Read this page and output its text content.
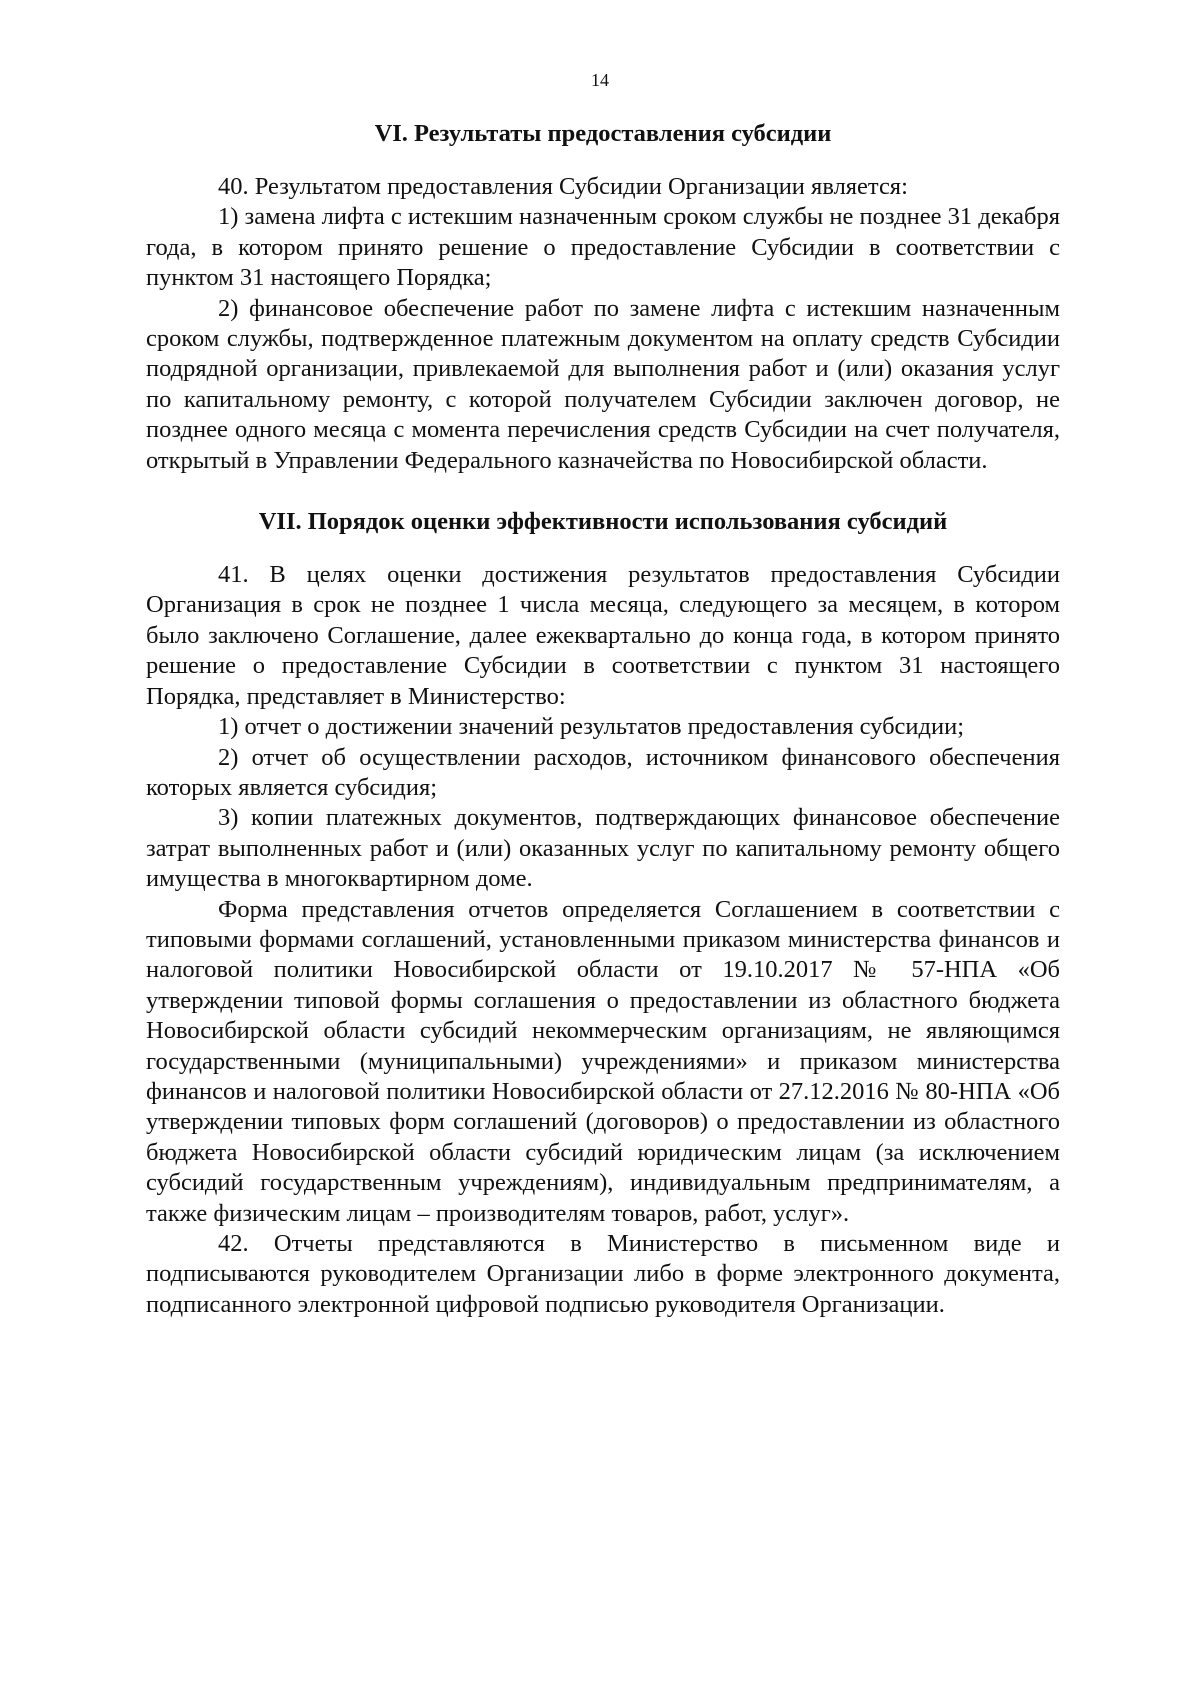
14
VI. Результаты предоставления субсидии

40. Результатом предоставления Субсидии Организации является:

1) замена лифта с истекшим назначенным сроком службы не позднее 31 декабря года, в котором принято решение о предоставление Субсидии в соответствии с пунктом 31 настоящего Порядка;

2) финансовое обеспечение работ по замене лифта с истекшим назначенным сроком службы, подтвержденное платежным документом на оплату средств Субсидии подрядной организации, привлекаемой для выполнения работ и (или) оказания услуг по капитальному ремонту, с которой получателем Субсидии заключен договор, не позднее одного месяца с момента перечисления средств Субсидии на счет получателя, открытый в Управлении Федерального казначейства по Новосибирской области.

VII. Порядок оценки эффективности использования субсидий

41. В целях оценки достижения результатов предоставления Субсидии Организация в срок не позднее 1 числа месяца, следующего за месяцем, в котором было заключено Соглашение, далее ежеквартально до конца года, в котором принято решение о предоставление Субсидии в соответствии с пунктом 31 настоящего Порядка, представляет в Министерство:

1) отчет о достижении значений результатов предоставления субсидии;

2) отчет об осуществлении расходов, источником финансового обеспечения которых является субсидия;

3) копии платежных документов, подтверждающих финансовое обеспечение затрат выполненных работ и (или) оказанных услуг по капитальному ремонту общего имущества в многоквартирном доме.

Форма представления отчетов определяется Соглашением в соответствии с типовыми формами соглашений, установленными приказом министерства финансов и налоговой политики Новосибирской области от 19.10.2017 № 57-НПА «Об утверждении типовой формы соглашения о предоставлении из областного бюджета Новосибирской области субсидий некоммерческим организациям, не являющимся государственными (муниципальными) учреждениями» и приказом министерства финансов и налоговой политики Новосибирской области от 27.12.2016 № 80-НПА «Об утверждении типовых форм соглашений (договоров) о предоставлении из областного бюджета Новосибирской области субсидий юридическим лицам (за исключением субсидий государственным учреждениям), индивидуальным предпринимателям, а также физическим лицам – производителям товаров, работ, услуг».

42. Отчеты представляются в Министерство в письменном виде и подписываются руководителем Организации либо в форме электронного документа, подписанного электронной цифровой подписью руководителя Организации.
